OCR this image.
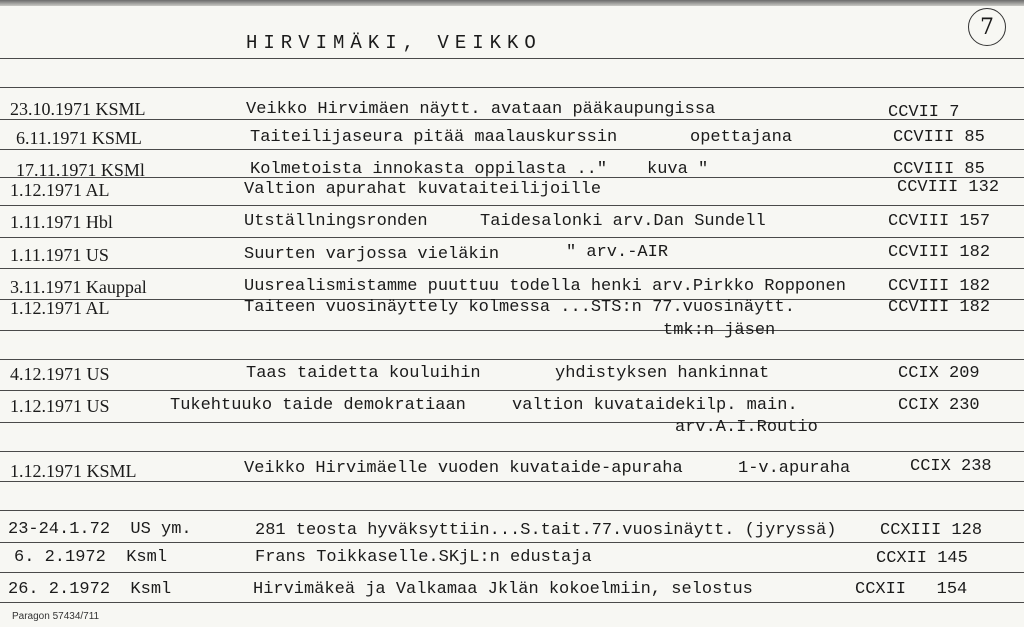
HIRVIMÄKI, VEIKKO
7
23.10.1971 KSML	Veikko Hirvimäen näytt. avataan pääkaupungissa	CCVII 7
6.11.1971 KSML	Taiteilijaseura pitää maalauskurssin	opettajana	CCVIII 85
17.11.1971 KSMl	Kolmetoista innokasta oppilasta .." kuva "	CCVIII 85
1.12.1971 AL	Valtion apurahat kuvataiteilijoille	CCVIII 132
1.11.1971 Hbl	Utställningsronden	Taidesalonki arv.Dan Sundell	CCVIII 157
1.11.1971 US	Suurten varjossa vieläkin	" arv.-AIR	CCVIII 182
3.11.1971 Kauppal	Uusrealismistamme puuttuu todella henki arv.Pirkko Ropponen CCVIII 182
1.12.1971 AL	Taiteen vuosinäyttely kolmessa ...STS:n 77.vuosinäytt.	CCVIII 182
tmk:n jäsen
4.12.1971 US	Taas taidetta kouluihin	yhdistyksen hankinnat	CCIX 209
1.12.1971 US	Tukehtuuko taide demokratiaan	valtion kuvataidekilp. main.	CCIX 230
arv.A.I.Routio
1.12.1971 KSML	Veikko Hirvimäelle vuoden kuvataide-apuraha	1-v.apuraha	CCIX 238
23-24.1.72  US ym.	281 teosta hyväksyttiin...S.tait.77.vuosinäytt. (jyryssä)	CCXIII 128
6. 2.1972  Ksml	Frans Toikkaselle.SKjL:n edustaja	CCXII 145
26. 2.1972  Ksml	Hirvimäkeä ja Valkamaa Jklän kokoelmiin, selostus	CCXII   154
Paragon 57434/711
